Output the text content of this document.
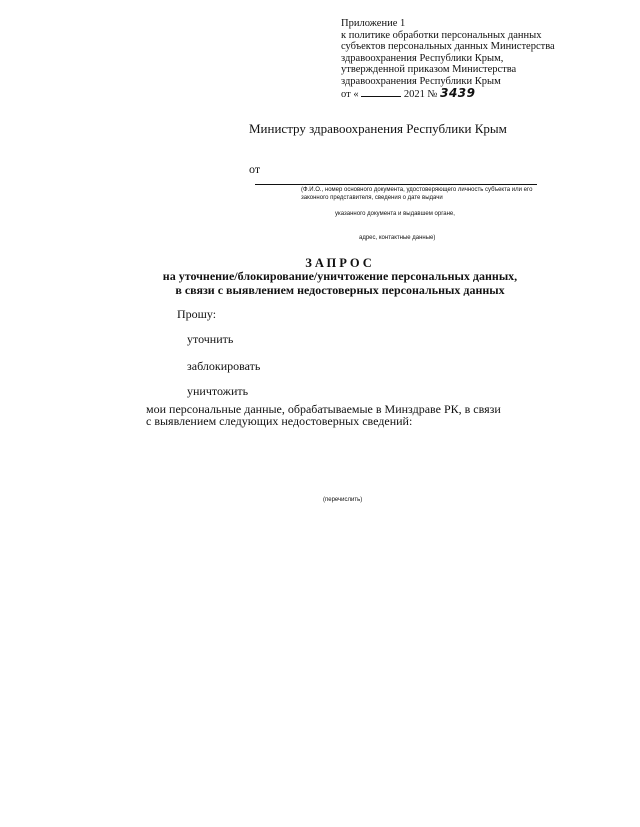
Приложение 1
к политике обработки персональных данных
субъектов персональных данных Министерства
здравоохранения Республики Крым,
утвержденной приказом Министерства
здравоохранения Республики Крым
от «	2021 № 3439
Министру здравоохранения Республики Крым
от
(Ф.И.О., номер основного документа, удостоверяющего личность субъекта или его
законного представителя, сведения о дате выдачи
указанного документа и выдавшем органе,
адрес, контактные данные)
ЗАПРОС
на уточнение/блокирование/уничтожение персональных данных,
в связи с выявлением недостоверных персональных данных
Прошу:
уточнить
заблокировать
уничтожить
мои персональные данные, обрабатываемые в Минздраве РК, в связи
с выявлением следующих недостоверных сведений:
(перечислить)
